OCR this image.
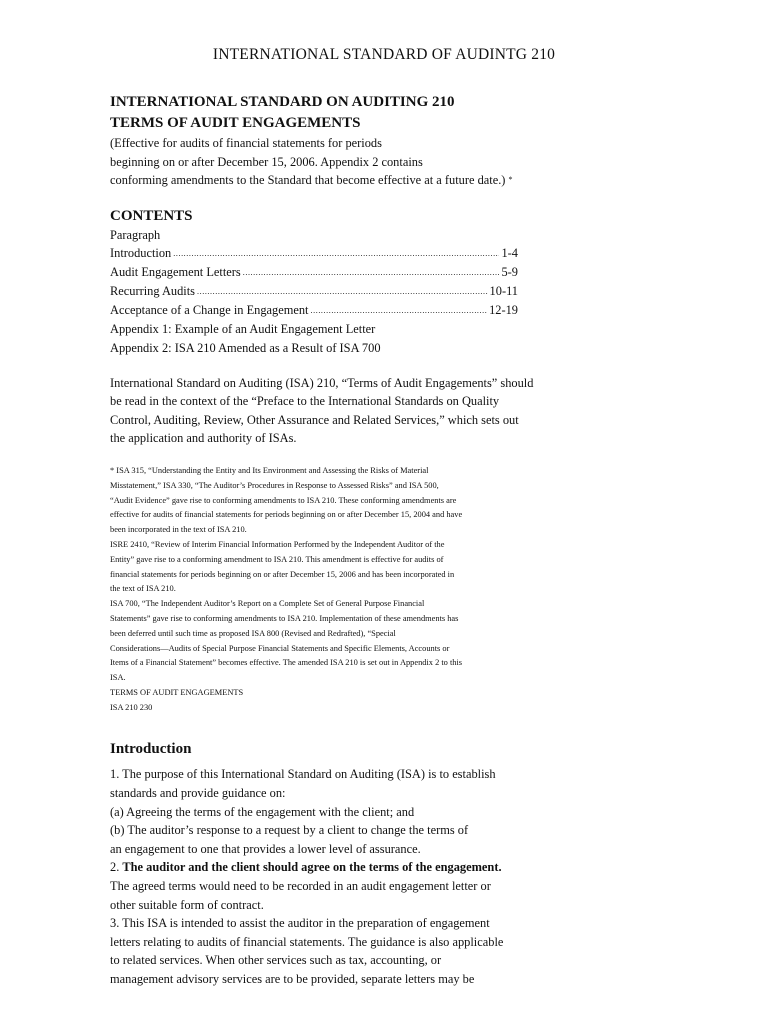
INTERNATIONAL STANDARD OF AUDINTG 210
INTERNATIONAL STANDARD ON AUDITING 210
TERMS OF AUDIT ENGAGEMENTS
(Effective for audits of financial statements for periods
beginning on or after December 15, 2006. Appendix 2 contains
conforming amendments to the Standard that become effective at a future date.) *
CONTENTS
Paragraph
Introduction .....	1-4
Audit Engagement Letters .....	5-9
Recurring Audits .....	10-11
Acceptance of a Change in Engagement .....	12-19
Appendix 1: Example of an Audit Engagement Letter
Appendix 2: ISA 210 Amended as a Result of ISA 700
International Standard on Auditing (ISA) 210, “Terms of Audit Engagements” should
be read in the context of the “Preface to the International Standards on Quality
Control, Auditing, Review, Other Assurance and Related Services,” which sets out
the application and authority of ISAs.
* ISA 315, “Understanding the Entity and Its Environment and Assessing the Risks of Material
Misstatement,” ISA 330, “The Auditor’s Procedures in Response to Assessed Risks” and ISA 500,
“Audit Evidence” gave rise to conforming amendments to ISA 210. These conforming amendments are
effective for audits of financial statements for periods beginning on or after December 15, 2004 and have
been incorporated in the text of ISA 210.
ISRE 2410, “Review of Interim Financial Information Performed by the Independent Auditor of the
Entity” gave rise to a conforming amendment to ISA 210. This amendment is effective for audits of
financial statements for periods beginning on or after December 15, 2006 and has been incorporated in
the text of ISA 210.
ISA 700, “The Independent Auditor’s Report on a Complete Set of General Purpose Financial
Statements” gave rise to conforming amendments to ISA 210. Implementation of these amendments has
been deferred until such time as proposed ISA 800 (Revised and Redrafted), “Special
Considerations—Audits of Special Purpose Financial Statements and Specific Elements, Accounts or
Items of a Financial Statement” becomes effective. The amended ISA 210 is set out in Appendix 2 to this
ISA.
TERMS OF AUDIT ENGAGEMENTS
ISA 210 230
Introduction
1. The purpose of this International Standard on Auditing (ISA) is to establish
standards and provide guidance on:
(a) Agreeing the terms of the engagement with the client; and
(b) The auditor’s response to a request by a client to change the terms of
an engagement to one that provides a lower level of assurance.
2. The auditor and the client should agree on the terms of the engagement.
The agreed terms would need to be recorded in an audit engagement letter or
other suitable form of contract.
3. This ISA is intended to assist the auditor in the preparation of engagement
letters relating to audits of financial statements. The guidance is also applicable
to related services. When other services such as tax, accounting, or
management advisory services are to be provided, separate letters may be
